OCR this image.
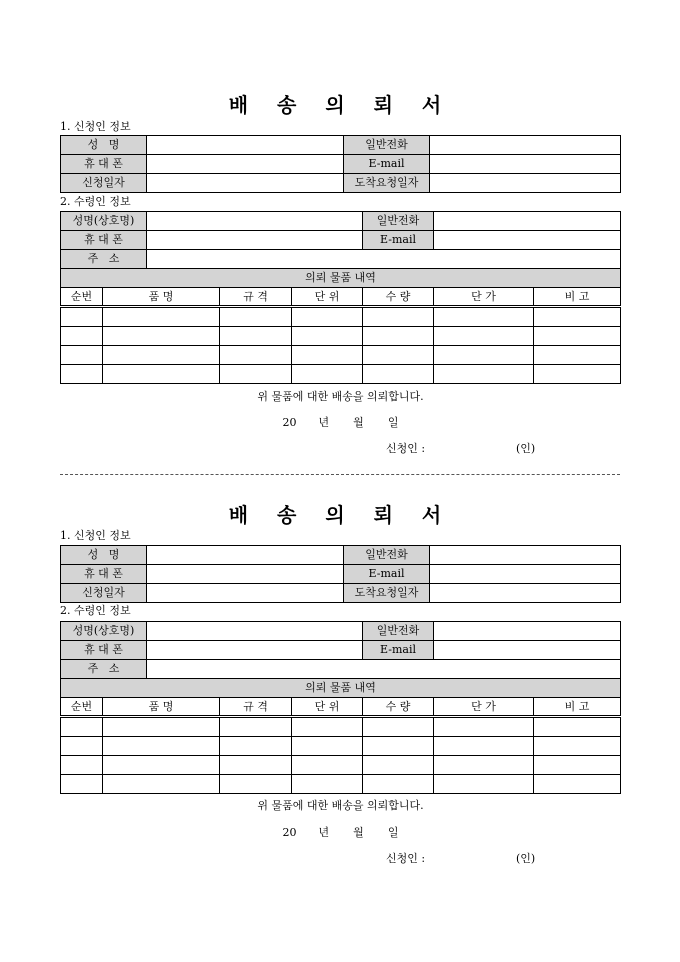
배 송 의 뢰 서
1. 신청인 정보
성   명		일반전화	
휴 대 폰		E-mail	
신청일자		도착요청일자	
2. 수령인 정보
성명(상호명)					일반전화		
휴 대 폰					E-mail		
주   소							
의뢰 물품 내역							
순번	품 명		규 격	단 위	수 량	단 가	비 고

위 물품에 대한 배송을 의뢰합니다.
20 년 월 일
신청인 :	(인)
배 송 의 뢰 서
1. 신청인 정보
성   명		일반전화	
휴 대 폰		E-mail	
신청일자		도착요청일자	
2. 수령인 정보
성명(상호명)					일반전화		
휴 대 폰					E-mail		
주   소							
의뢰 물품 내역							
순번	품 명		규 격	단 위	수 량	단 가	비 고

위 물품에 대한 배송을 의뢰합니다.
20 년 월 일
신청인 :	(인)
